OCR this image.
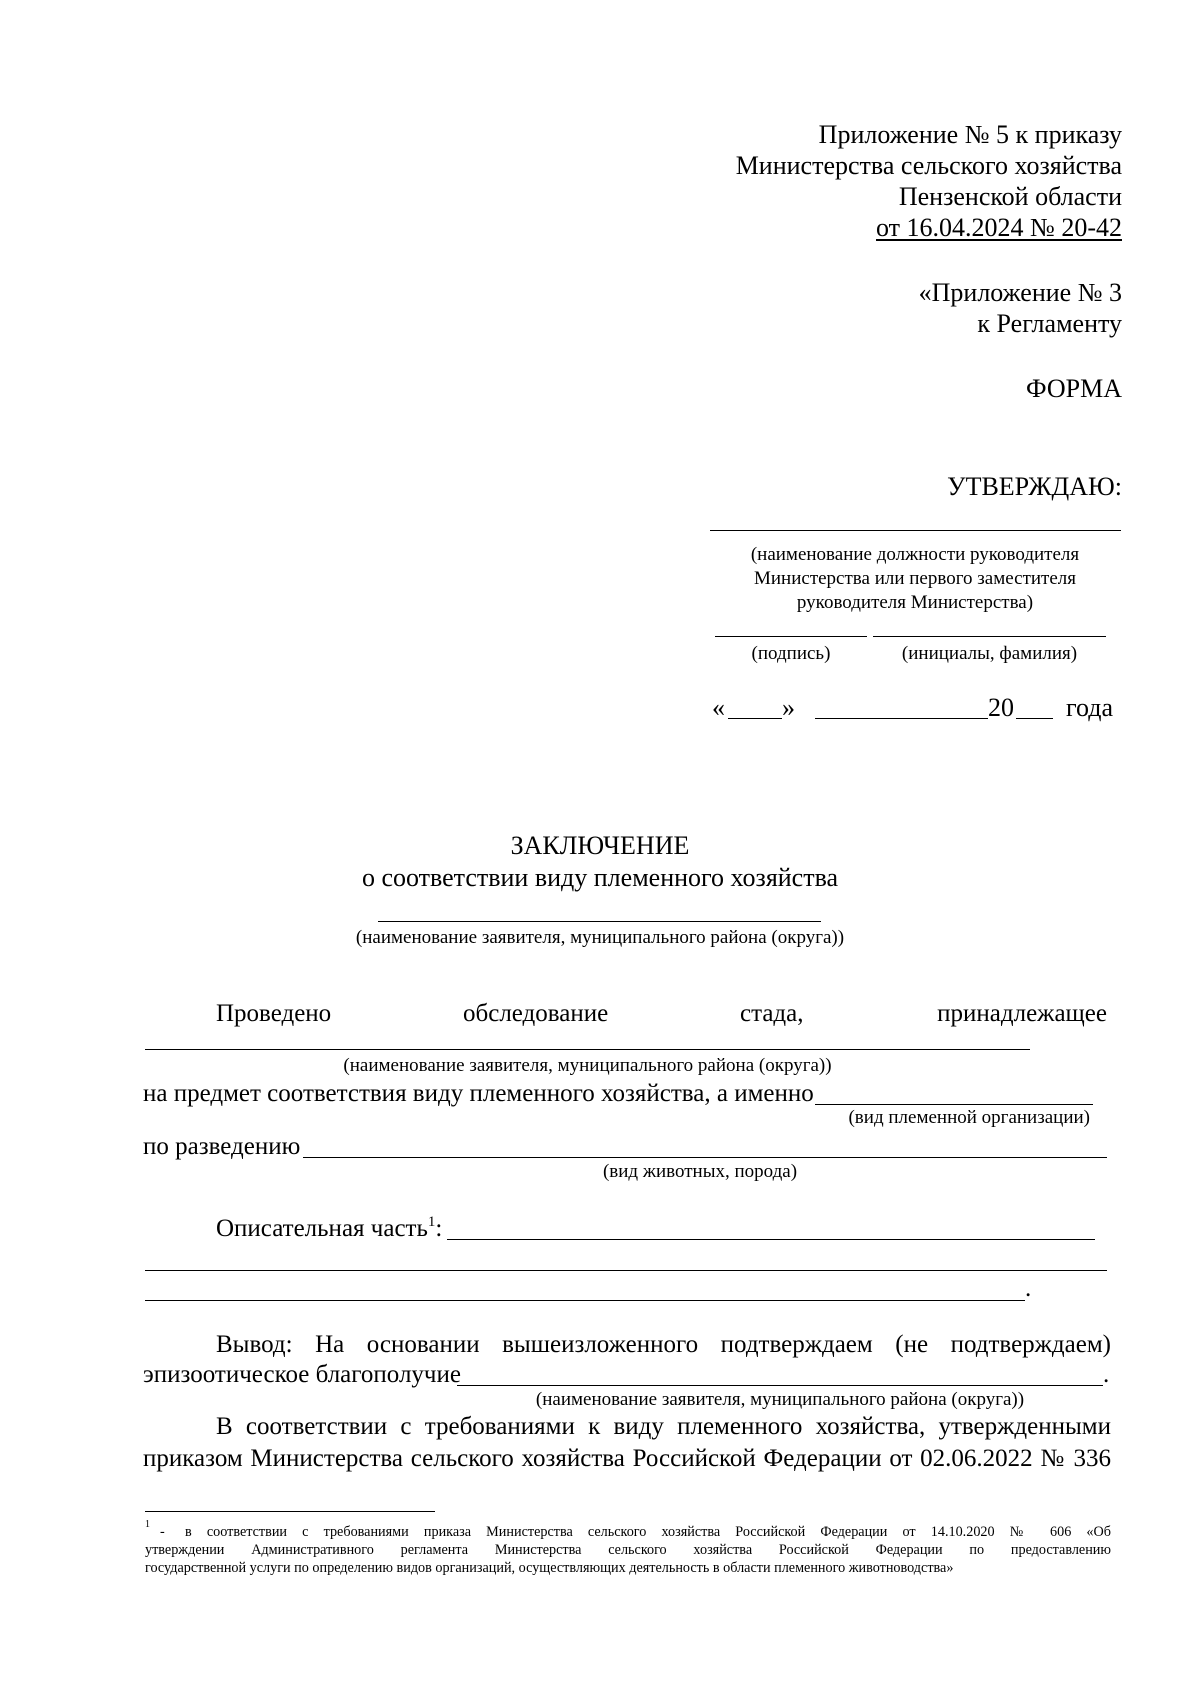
Приложение № 5 к приказу
Министерства сельского хозяйства
Пензенской области
от 16.04.2024 № 20-42
«Приложение № 3
к Регламенту
ФОРМА
УТВЕРЖДАЮ:
(наименование должности руководителя
Министерства или первого заместителя
руководителя Министерства)
(подпись)	(инициалы, фамилия)
« »	20 года
ЗАКЛЮЧЕНИЕ
о соответствии виду племенного хозяйства
(наименование заявителя, муниципального района (округа))
Проведено	обследование	стада,	принадлежащее
(наименование заявителя, муниципального района (округа))
на предмет соответствия виду племенного хозяйства, а именно
(вид племенной организации)
по разведению
(вид животных, порода)
Описательная часть$^1$:
.
Вывод: На основании вышеизложенного подтверждаем (не подтверждаем)
эпизоотическое благополучие	.
(наименование заявителя, муниципального района (округа))
В соответствии с требованиями к виду племенного хозяйства, утвержденными
приказом Министерства сельского хозяйства Российской Федерации от 02.06.2022 № 336
$^1$ - в соответствии с требованиями приказа Министерства сельского хозяйства Российской Федерации от 14.10.2020 № 606 «Об
утверждении Административного регламента Министерства сельского хозяйства Российской Федерации по предоставлению
государственной услуги по определению видов организаций, осуществляющих деятельность в области племенного животноводства»
